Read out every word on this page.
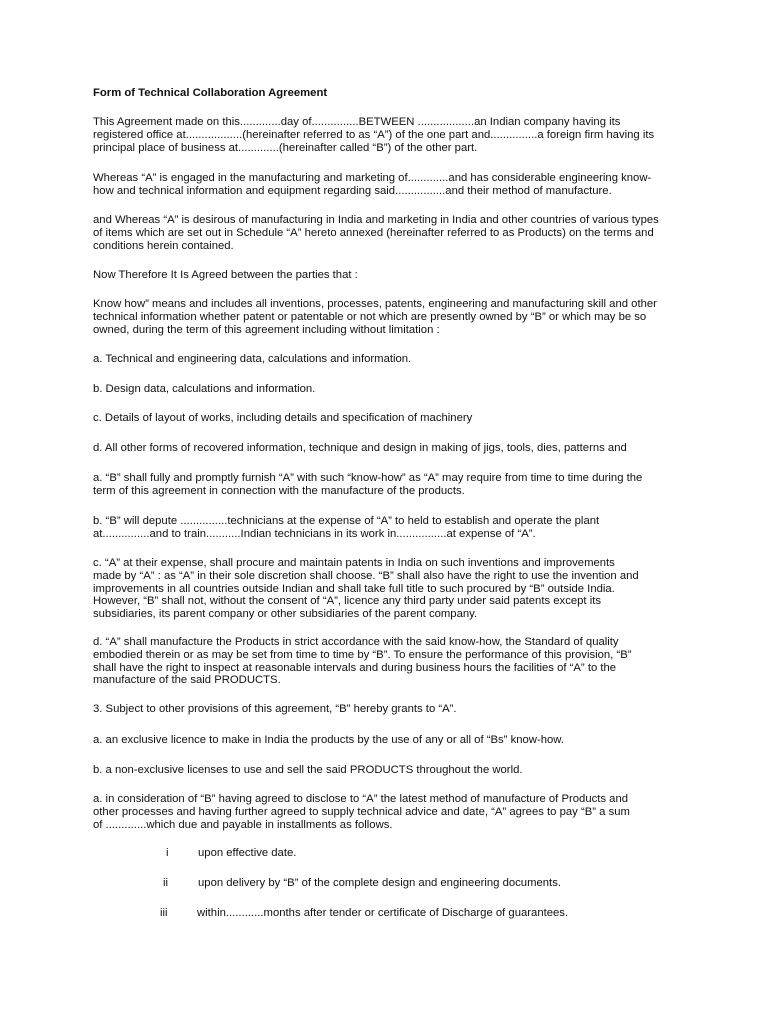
Form of Technical Collaboration Agreement

This Agreement made on this.............day of...............BETWEEN ..................an Indian company having its
registered office at..................(hereinafter referred to as “A”) of the one part and...............a foreign firm having its
principal place of business at.............(hereinafter called “B”) of the other part.

Whereas “A” is engaged in the manufacturing and marketing of.............and has considerable engineering know-
how and technical information and equipment regarding said................and their method of manufacture.

and Whereas “A” is desirous of manufacturing in India and marketing in India and other countries of various types
of items which are set out in Schedule “A” hereto annexed (hereinafter referred to as Products) on the terms and
conditions herein contained.

Now Therefore It Is Agreed between the parties that :

Know how” means and includes all inventions, processes, patents, engineering and manufacturing skill and other
technical information whether patent or patentable or not which are presently owned by “B” or which may be so
owned, during the term of this agreement including without limitation :

a. Technical and engineering data, calculations and information.

b. Design data, calculations and information.

c. Details of layout of works, including details and specification of machinery

d. All other forms of recovered information, technique and design in making of jigs, tools, dies, patterns and

a. “B” shall fully and promptly furnish “A” with such “know-how” as “A” may require from time to time during the
term of this agreement in connection with the manufacture of the products.

b. “B” will depute ...............technicians at the expense of “A” to held to establish and operate the plant
at...............and to train...........Indian technicians in its work in................at expense of “A”.

c. “A” at their expense, shall procure and maintain patents in India on such inventions and improvements
made by “A” : as “A” in their sole discretion shall choose. “B” shall also have the right to use the invention and
improvements in all countries outside Indian and shall take full title to such procured by “B” outside India.
However, “B” shall not, without the consent of “A”, licence any third party under said patents except its
subsidiaries, its parent company or other subsidiaries of the parent company.

d. “A” shall manufacture the Products in strict accordance with the said know-how, the Standard of quality
embodied therein or as may be set from time to time by “B”. To ensure the performance of this provision, “B”
shall have the right to inspect at reasonable intervals and during business hours the facilities of “A” to the
manufacture of the said PRODUCTS.

3. Subject to other provisions of this agreement, “B” hereby grants to “A”.

a. an exclusive licence to make in India the products by the use of any or all of “Bs” know-how.

b. a non-exclusive licenses to use and sell the said PRODUCTS throughout the world.

a. in consideration of “B” having agreed to disclose to “A” the latest method of manufacture of Products and
other processes and having further agreed to supply technical advice and date, “A” agrees to pay “B” a sum
of .............which due and payable in installments as follows.

i	upon effective date.
ii	upon delivery by “B” of the complete design and engineering documents.
iii	within............months after tender or certificate of Discharge of guarantees.
